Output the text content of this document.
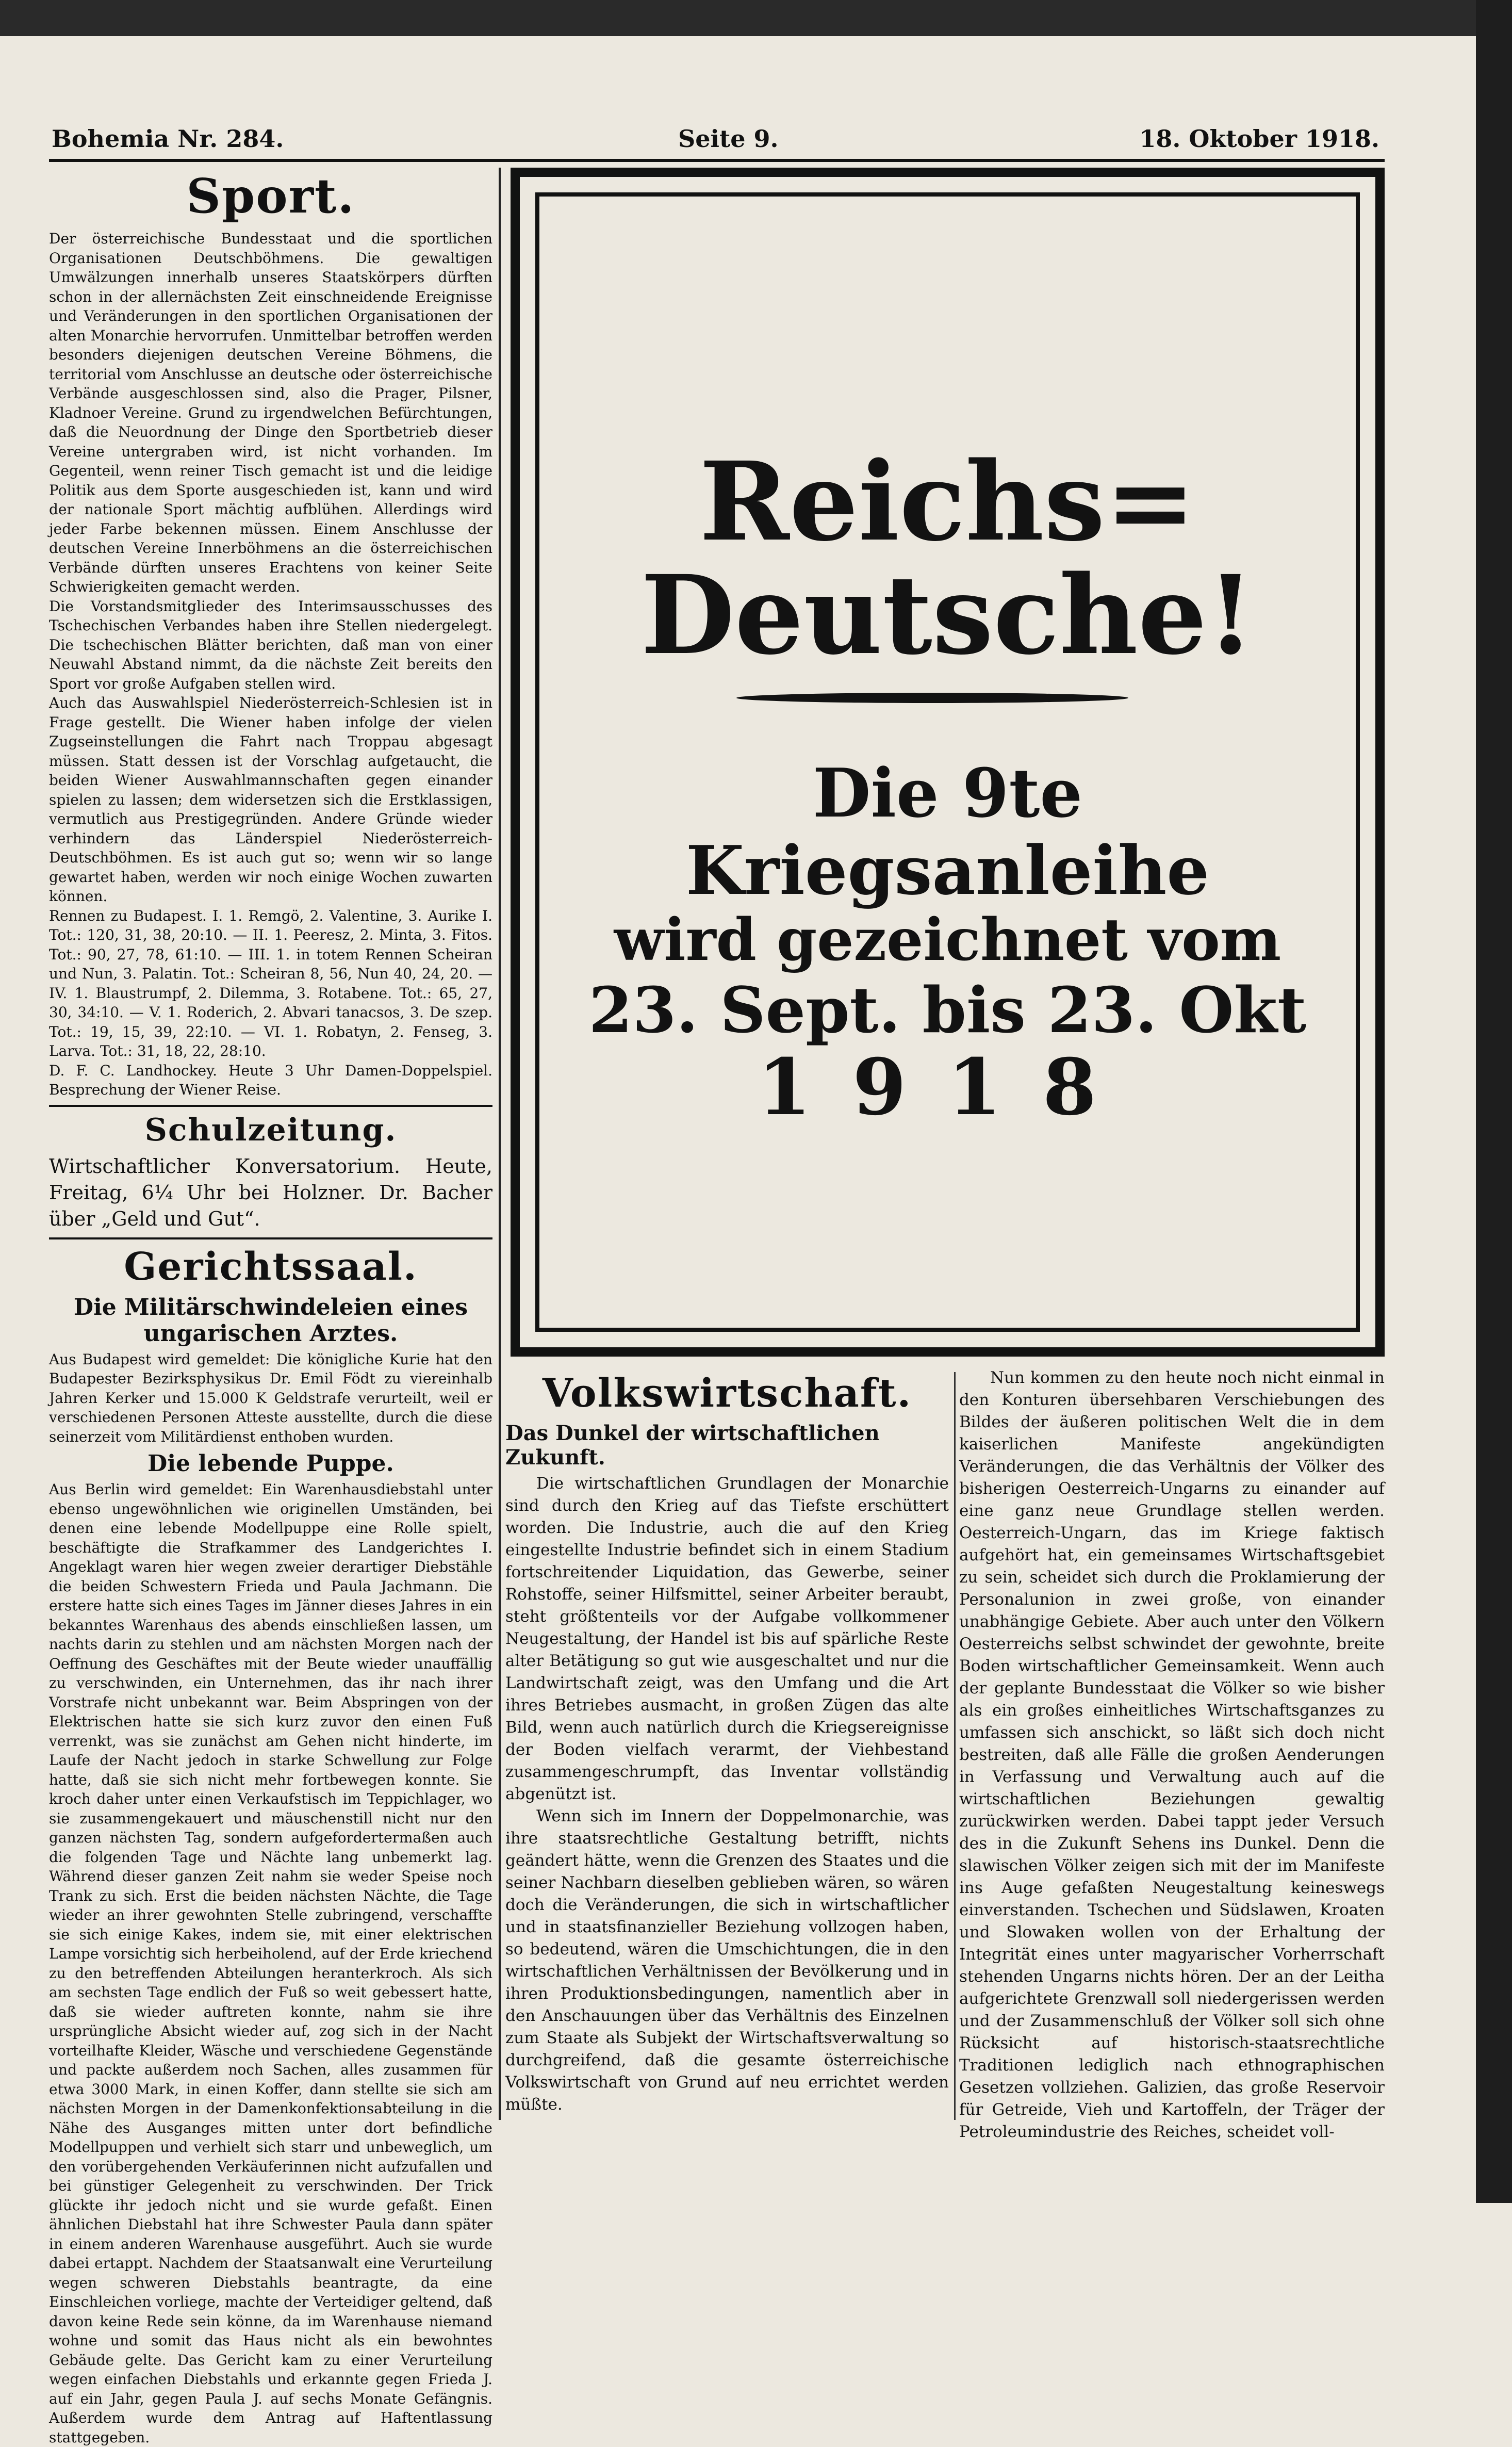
Bohemia Nr. 284.	Seite 9.	18. Oktober 1918.
Sport.

Der österreichische Bundesstaat und die sportlichen Organisationen Deutschböhmens. Die gewaltigen Umwälzungen innerhalb unseres Staatskörpers dürften schon in der allernächsten Zeit einschneidende Ereignisse und Veränderungen in den sportlichen Organisationen der alten Monarchie hervorrufen. Unmittelbar betroffen werden besonders diejenigen deutschen Vereine Böhmens, die territorial vom Anschlusse an deutsche oder österreichische Verbände ausgeschlossen sind, also die Prager, Pilsner, Kladnoer Vereine. Grund zu irgendwelchen Befürchtungen, daß die Neuordnung der Dinge den Sportbetrieb dieser Vereine untergraben wird, ist nicht vorhanden. Im Gegenteil, wenn reiner Tisch gemacht ist und die leidige Politik aus dem Sporte ausgeschieden ist, kann und wird der nationale Sport mächtig aufblühen. Allerdings wird jeder Farbe bekennen müssen. Einem Anschlusse der deutschen Vereine Innerböhmens an die österreichischen Verbände dürften unseres Erachtens von keiner Seite Schwierigkeiten gemacht werden.

Die Vorstandsmitglieder des Interimsausschusses des Tschechischen Verbandes haben ihre Stellen niedergelegt. Die tschechischen Blätter berichten, daß man von einer Neuwahl Abstand nimmt, da die nächste Zeit bereits den Sport vor große Aufgaben stellen wird.

Auch das Auswahlspiel Niederösterreich-Schlesien ist in Frage gestellt. Die Wiener haben infolge der vielen Zugseinstellungen die Fahrt nach Troppau abgesagt müssen. Statt dessen ist der Vorschlag aufgetaucht, die beiden Wiener Auswahlmannschaften gegen einander spielen zu lassen; dem widersetzen sich die Erstklassigen, vermutlich aus Prestigegründen. Andere Gründe wieder verhindern das Länderspiel Niederösterreich-Deutschböhmen. Es ist auch gut so; wenn wir so lange gewartet haben, werden wir noch einige Wochen zuwarten können.

Rennen zu Budapest. I. 1. Remgö, 2. Valentine, 3. Aurike I. Tot.: 120, 31, 38, 20:10. — II. 1. Peeresz, 2. Minta, 3. Fitos. Tot.: 90, 27, 78, 61:10. — III. 1. in totem Rennen Scheiran und Nun, 3. Palatin. Tot.: Scheiran 8, 56, Nun 40, 24, 20. — IV. 1. Blaustrumpf, 2. Dilemma, 3. Rotabene. Tot.: 65, 27, 30, 34:10. — V. 1. Roderich, 2. Abvari tanacsos, 3. De szep. Tot.: 19, 15, 39, 22:10. — VI. 1. Robatyn, 2. Fenseg, 3. Larva. Tot.: 31, 18, 22, 28:10.

D. F. C. Landhockey. Heute 3 Uhr Damen-Doppelspiel. Besprechung der Wiener Reise.

Schulzeitung.

Wirtschaftlicher Konversatorium. Heute, Freitag, 6¼ Uhr bei Holzner. Dr. Bacher über „Geld und Gut“.

Gerichtssaal.
Die Militärschwindeleien eines ungarischen Arztes.

Aus Budapest wird gemeldet: Die königliche Kurie hat den Budapester Bezirksphysikus Dr. Emil Födt zu viereinhalb Jahren Kerker und 15.000 K Geldstrafe verurteilt, weil er verschiedenen Personen Atteste ausstellte, durch die diese seinerzeit vom Militärdienst enthoben wurden.

Die lebende Puppe.

Aus Berlin wird gemeldet: Ein Warenhausdiebstahl unter ebenso ungewöhnlichen wie originellen Umständen, bei denen eine lebende Modellpuppe eine Rolle spielt, beschäftigte die Strafkammer des Landgerichtes I. Angeklagt waren hier wegen zweier derartiger Diebstähle die beiden Schwestern Frieda und Paula Jachmann. Die erstere hatte sich eines Tages im Jänner dieses Jahres in ein bekanntes Warenhaus des abends einschließen lassen, um nachts darin zu stehlen und am nächsten Morgen nach der Oeffnung des Geschäftes mit der Beute wieder unauffällig zu verschwinden, ein Unternehmen, das ihr nach ihrer Vorstrafe nicht unbekannt war. Beim Abspringen von der Elektrischen hatte sie sich kurz zuvor den einen Fuß verrenkt, was sie zunächst am Gehen nicht hinderte, im Laufe der Nacht jedoch in starke Schwellung zur Folge hatte, daß sie sich nicht mehr fortbewegen konnte. Sie kroch daher unter einen Verkaufstisch im Teppichlager, wo sie zusammengekauert und mäuschenstill nicht nur den ganzen nächsten Tag, sondern aufgefordertermaßen auch die folgenden Tage und Nächte lang unbemerkt lag. Während dieser ganzen Zeit nahm sie weder Speise noch Trank zu sich. Erst die beiden nächsten Nächte, die Tage wieder an ihrer gewohnten Stelle zubringend, verschaffte sie sich einige Kakes, indem sie, mit einer elektrischen Lampe vorsichtig sich herbeiholend, auf der Erde kriechend zu den betreffenden Abteilungen heranterkroch. Als sich am sechsten Tage endlich der Fuß so weit gebessert hatte, daß sie wieder auftreten konnte, nahm sie ihre ursprüngliche Absicht wieder auf, zog sich in der Nacht vorteilhafte Kleider, Wäsche und verschiedene Gegenstände und packte außerdem noch Sachen, alles zusammen für etwa 3000 Mark, in einen Koffer, dann stellte sie sich am nächsten Morgen in der Damenkonfektionsabteilung in die Nähe des Ausganges mitten unter dort befindliche Modellpuppen und verhielt sich starr und unbeweglich, um den vorübergehenden Verkäuferinnen nicht aufzufallen und bei günstiger Gelegenheit zu verschwinden. Der Trick glückte ihr jedoch nicht und sie wurde gefaßt. Einen ähnlichen Diebstahl hat ihre Schwester Paula dann später in einem anderen Warenhause ausgeführt. Auch sie wurde dabei ertappt. Nachdem der Staatsanwalt eine Verurteilung wegen schweren Diebstahls beantragte, da eine Einschleichen vorliege, machte der Verteidiger geltend, daß davon keine Rede sein könne, da im Warenhause niemand wohne und somit das Haus nicht als ein bewohntes Gebäude gelte. Das Gericht kam zu einer Verurteilung wegen einfachen Diebstahls und erkannte gegen Frieda J. auf ein Jahr, gegen Paula J. auf sechs Monate Gefängnis. Außerdem wurde dem Antrag auf Haftentlassung stattgegeben.

Reichs=
Deutsche!
Die 9te
Kriegsanleihe
wird gezeichnet vom
23. Sept. bis 23. Okt
1918
Volkswirtschaft.
Das Dunkel der wirtschaftlichen Zukunft.

Die wirtschaftlichen Grundlagen der Monarchie sind durch den Krieg auf das Tiefste erschüttert worden. Die Industrie, auch die auf den Krieg eingestellte Industrie befindet sich in einem Stadium fortschreitender Liquidation, das Gewerbe, seiner Rohstoffe, seiner Hilfsmittel, seiner Arbeiter beraubt, steht größtenteils vor der Aufgabe vollkommener Neugestaltung, der Handel ist bis auf spärliche Reste alter Betätigung so gut wie ausgeschaltet und nur die Landwirtschaft zeigt, was den Umfang und die Art ihres Betriebes ausmacht, in großen Zügen das alte Bild, wenn auch natürlich durch die Kriegsereignisse der Boden vielfach verarmt, der Viehbestand zusammengeschrumpft, das Inventar vollständig abgenützt ist.

Wenn sich im Innern der Doppelmonarchie, was ihre staatsrechtliche Gestaltung betrifft, nichts geändert hätte, wenn die Grenzen des Staates und die seiner Nachbarn dieselben geblieben wären, so wären doch die Veränderungen, die sich in wirtschaftlicher und in staatsfinanzieller Beziehung vollzogen haben, so bedeutend, wären die Umschichtungen, die in den wirtschaftlichen Verhältnissen der Bevölkerung und in ihren Produktionsbedingungen, namentlich aber in den Anschauungen über das Verhältnis des Einzelnen zum Staate als Subjekt der Wirtschaftsverwaltung so durchgreifend, daß die gesamte österreichische Volkswirtschaft von Grund auf neu errichtet werden müßte.

Nun kommen zu den heute noch nicht einmal in den Konturen übersehbaren Verschiebungen des Bildes der äußeren politischen Welt die in dem kaiserlichen Manifeste angekündigten Veränderungen, die das Verhältnis der Völker des bisherigen Oesterreich-Ungarns zu einander auf eine ganz neue Grundlage stellen werden. Oesterreich-Ungarn, das im Kriege faktisch aufgehört hat, ein gemeinsames Wirtschaftsgebiet zu sein, scheidet sich durch die Proklamierung der Personalunion in zwei große, von einander unabhängige Gebiete. Aber auch unter den Völkern Oesterreichs selbst schwindet der gewohnte, breite Boden wirtschaftlicher Gemeinsamkeit. Wenn auch der geplante Bundesstaat die Völker so wie bisher als ein großes einheitliches Wirtschaftsganzes zu umfassen sich anschickt, so läßt sich doch nicht bestreiten, daß alle Fälle die großen Aenderungen in Verfassung und Verwaltung auch auf die wirtschaftlichen Beziehungen gewaltig zurückwirken werden. Dabei tappt jeder Versuch des in die Zukunft Sehens ins Dunkel. Denn die slawischen Völker zeigen sich mit der im Manifeste ins Auge gefaßten Neugestaltung keineswegs einverstanden. Tschechen und Südslawen, Kroaten und Slowaken wollen von der Erhaltung der Integrität eines unter magyarischer Vorherrschaft stehenden Ungarns nichts hören. Der an der Leitha aufgerichtete Grenzwall soll niedergerissen werden und der Zusammenschluß der Völker soll sich ohne Rücksicht auf historisch-staatsrechtliche Traditionen lediglich nach ethnographischen Gesetzen vollziehen. Galizien, das große Reservoir für Getreide, Vieh und Kartoffeln, der Träger der Petroleumindustrie des Reiches, scheidet voll-
